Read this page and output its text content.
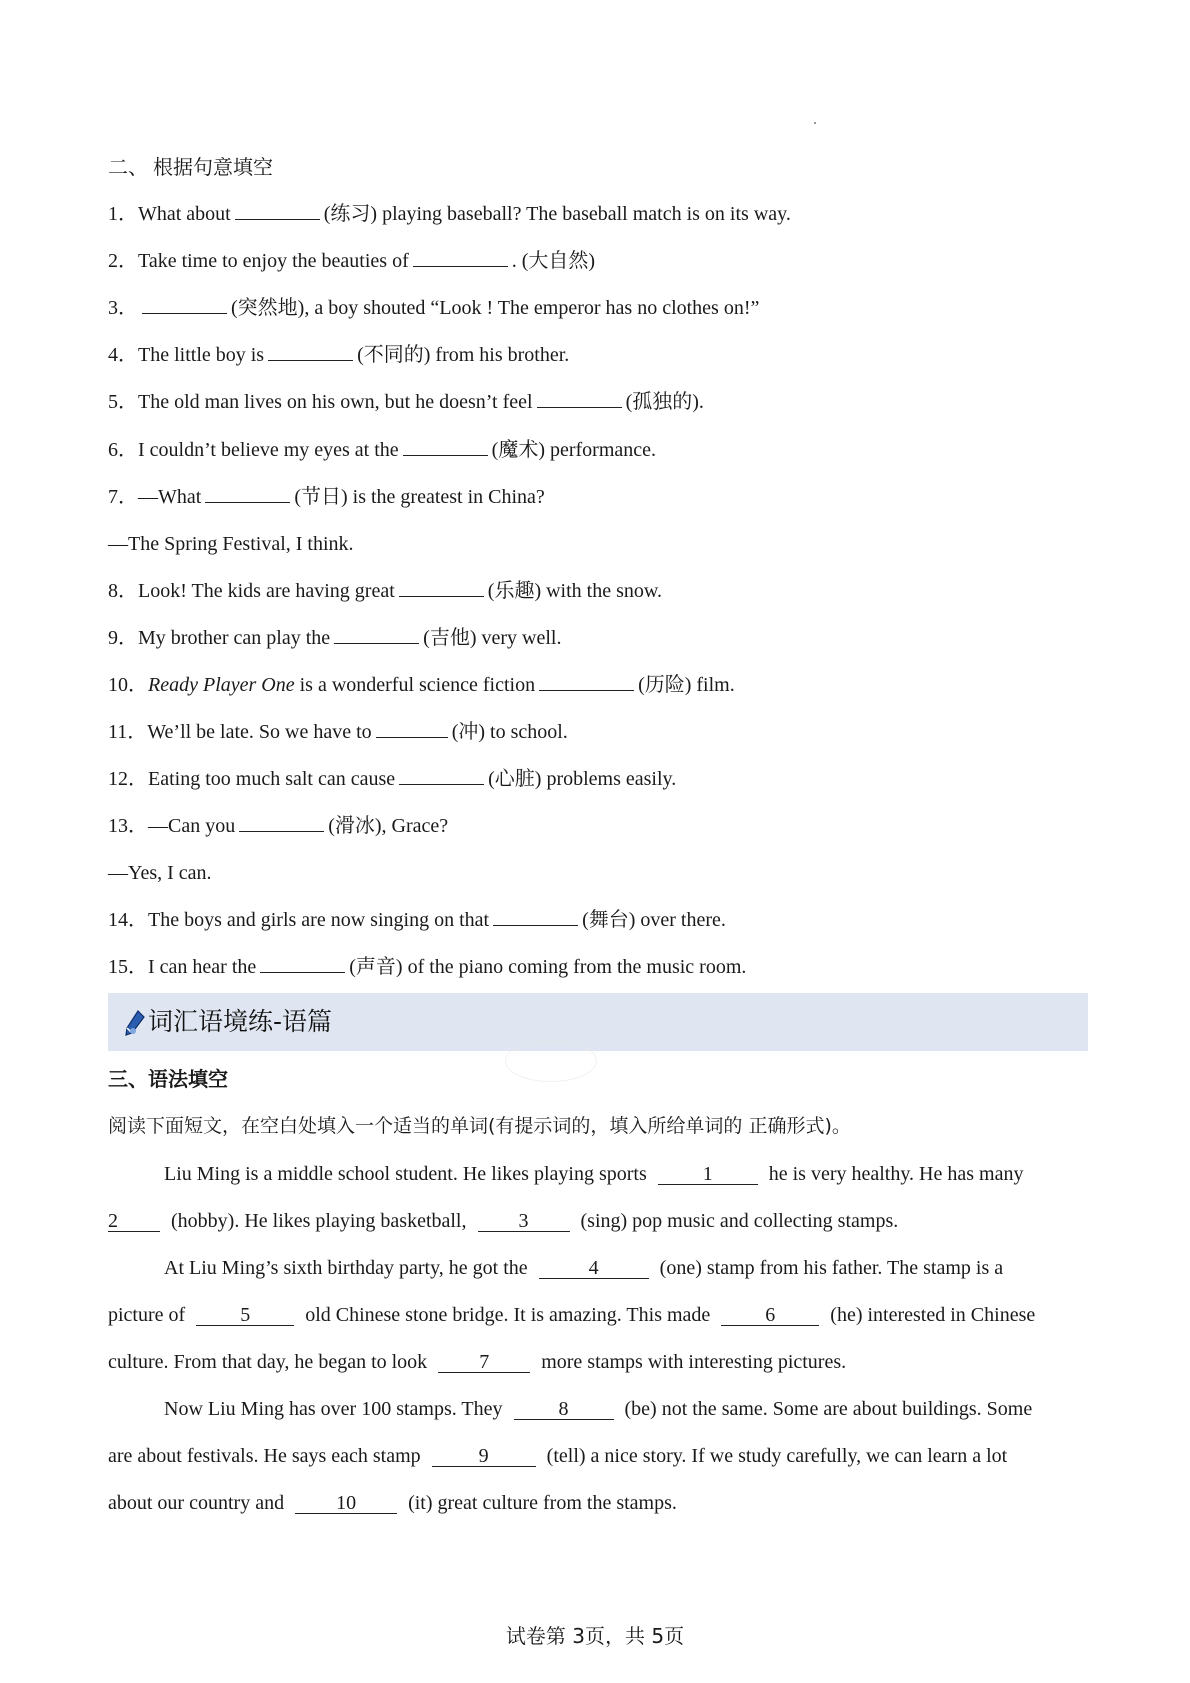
二、 根据句意填空
1．What about	(练习) playing baseball? The baseball match is on its way.
2．Take time to enjoy the beauties of	. (大自然)
3．	(突然地), a boy shouted “Look ! The emperor has no clothes on!”
4．The little boy is	(不同的) from his brother.
5．The old man lives on his own, but he doesn’t feel	(孤独的).
6．I couldn’t believe my eyes at the	(魔术) performance.
7．—What	(节日) is the greatest in China?
—The Spring Festival, I think.
8．Look! The kids are having great	(乐趣) with the snow.
9．My brother can play the	(吉他) very well.
10．Ready Player One is a wonderful science fiction	(历险) film.
11．We’ll be late. So we have to	(冲) to school.
12．Eating too much salt can cause	(心脏) problems easily.
13．—Can you	(滑冰), Grace?
—Yes, I can.
14．The boys and girls are now singing on that	(舞台) over there.
15．I can hear the	(声音) of the piano coming from the music room.
词汇语境练-语篇
三、语法填空
阅读下面短文，在空白处填入一个适当的单词(有提示词的，填入所给单词的 正确形式)。
Liu Ming is a middle school student. He likes playing sports	1	he is very healthy. He has many
2	(hobby). He likes playing basketball,	3	(sing) pop music and collecting stamps.
At Liu Ming’s sixth birthday party, he got the	4	(one) stamp from his father. The stamp is a
picture of	5	old Chinese stone bridge. It is amazing. This made	6	(he) interested in Chinese
culture. From that day, he began to look	7	more stamps with interesting pictures.
Now Liu Ming has over 100 stamps. They	8	(be) not the same. Some are about buildings. Some
are about festivals. He says each stamp	9	(tell) a nice story. If we study carefully, we can learn a lot
about our country and	10	(it) great culture from the stamps.
试卷第 3页，共 5页
